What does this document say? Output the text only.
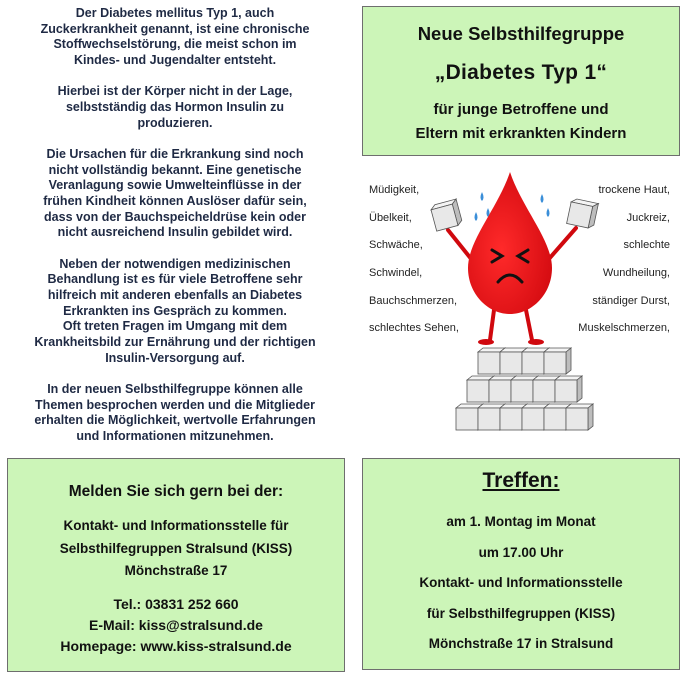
Der Diabetes mellitus Typ 1, auch
Zuckerkrankheit genannt, ist eine chronische
Stoffwechselstörung, die meist schon im
Kindes- und Jugendalter entsteht.

Hierbei ist der Körper nicht in der Lage,
selbstständig das Hormon Insulin zu
produzieren.

Die Ursachen für die Erkrankung sind noch
nicht vollständig bekannt. Eine genetische
Veranlagung sowie Umwelteinflüsse in der
frühen Kindheit können Auslöser dafür sein,
dass von der Bauchspeicheldrüse kein oder
nicht ausreichend Insulin gebildet wird.

Neben der notwendigen medizinischen
Behandlung ist es für viele Betroffene sehr
hilfreich mit anderen ebenfalls an Diabetes
Erkrankten ins Gespräch zu kommen.
Oft treten Fragen im Umgang mit dem
Krankheitsbild zur Ernährung und der richtigen
Insulin-Versorgung auf.

In der neuen Selbsthilfegruppe können alle
Themen besprochen werden und die Mitglieder
erhalten die Möglichkeit, wertvolle Erfahrungen
und Informationen mitzunehmen.

Neue Selbsthilfegruppe
„Diabetes Typ 1“
für junge Betroffene und
Eltern mit erkrankten Kindern
Müdigkeit,
Übelkeit,
Schwäche,
Schwindel,
Bauchschmerzen,
schlechtes Sehen,
trockene Haut,
Juckreiz,
schlechte
Wundheilung,
ständiger Durst,
Muskelschmerzen,
Melden Sie sich gern bei der:
Kontakt- und Informationsstelle für
Selbsthilfegruppen Stralsund (KISS)
Mönchstraße 17
Tel.: 03831 252 660
E-Mail: kiss@stralsund.de
Homepage: www.kiss-stralsund.de
Treffen:
am 1. Montag im Monat
um 17.00 Uhr
Kontakt- und Informationsstelle
für Selbsthilfegruppen (KISS)
Mönchstraße 17 in Stralsund
